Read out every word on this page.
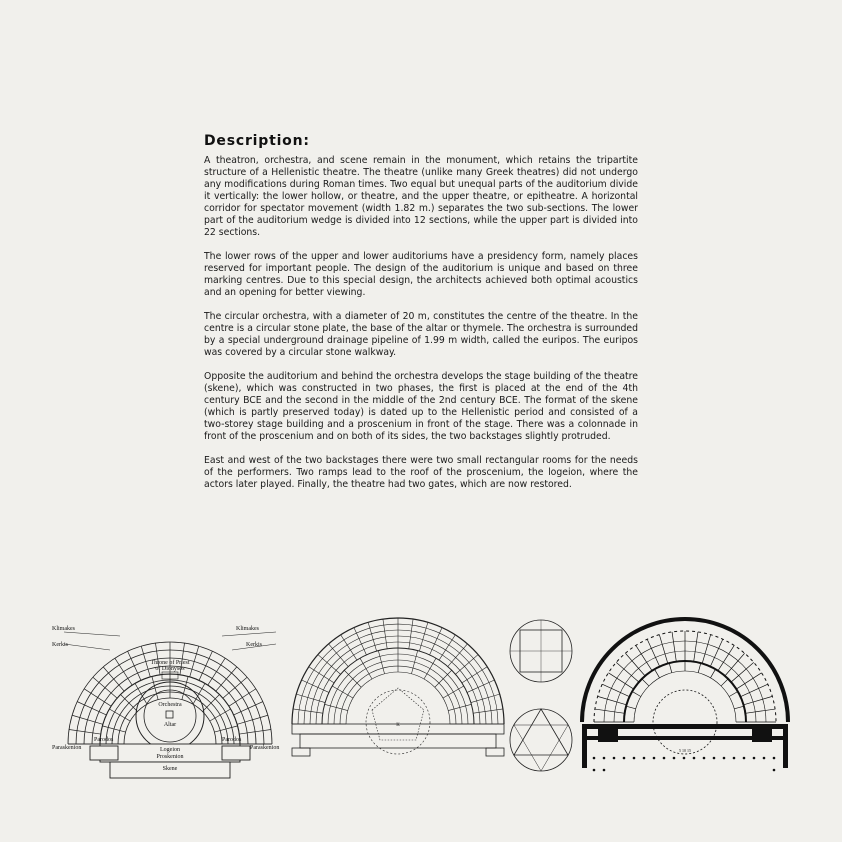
Description:

A theatron, orchestra, and scene remain in the monument, which retains the tripartite structure of a Hellenistic theatre. The theatre (unlike many Greek theatres) did not undergo any modifications during Roman times. Two equal but unequal parts of the auditorium divide it vertically: the lower hollow, or theatre, and the upper theatre, or epitheatre. A horizontal corridor for spectator movement (width 1.82 m.) separates the two sub-sections. The lower part of the auditorium wedge is divided into 12 sections, while the upper part is divided into 22 sections.

The lower rows of the upper and lower auditoriums have a presidency form, namely places reserved for important people. The design of the auditorium is unique and based on three marking centres. Due to this special design, the architects achieved both optimal acoustics and an opening for better viewing.

The circular orchestra, with a diameter of 20 m, constitutes the centre of the theatre. In the centre is a circular stone plate, the base of the altar or thymele. The orchestra is surrounded by a special underground drainage pipeline of 1.99 m width, called the euripos. The euripos was covered by a circular stone walkway.

Opposite the auditorium and behind the orchestra develops the stage building of the theatre (skene), which was constructed in two phases, the first is placed at the end of the 4th century BCE and the second in the middle of the 2nd century BCE. The format of the skene (which is partly preserved today) is dated up to the Hellenistic period and consisted of a two-storey stage building and a proscenium in front of the stage. There was a colonnade in front of the proscenium and on both of its sides, the two backstages slightly protruded.

East and west of the two backstages there were two small rectangular rooms for the needs of the performers. Two ramps lead to the roof of the proscenium, the logeion, where the actors later played. Finally, the theatre had two gates, which are now restored.

Klimakes
Kerkis
Klimakes
Kerkis
Throne of Priest
of Dionysos
Orchestra
Altar
Parodos	Parodos
Paraskenion	Paraskenion
Logeion
Proskenion
Skene
K
5 10 15
